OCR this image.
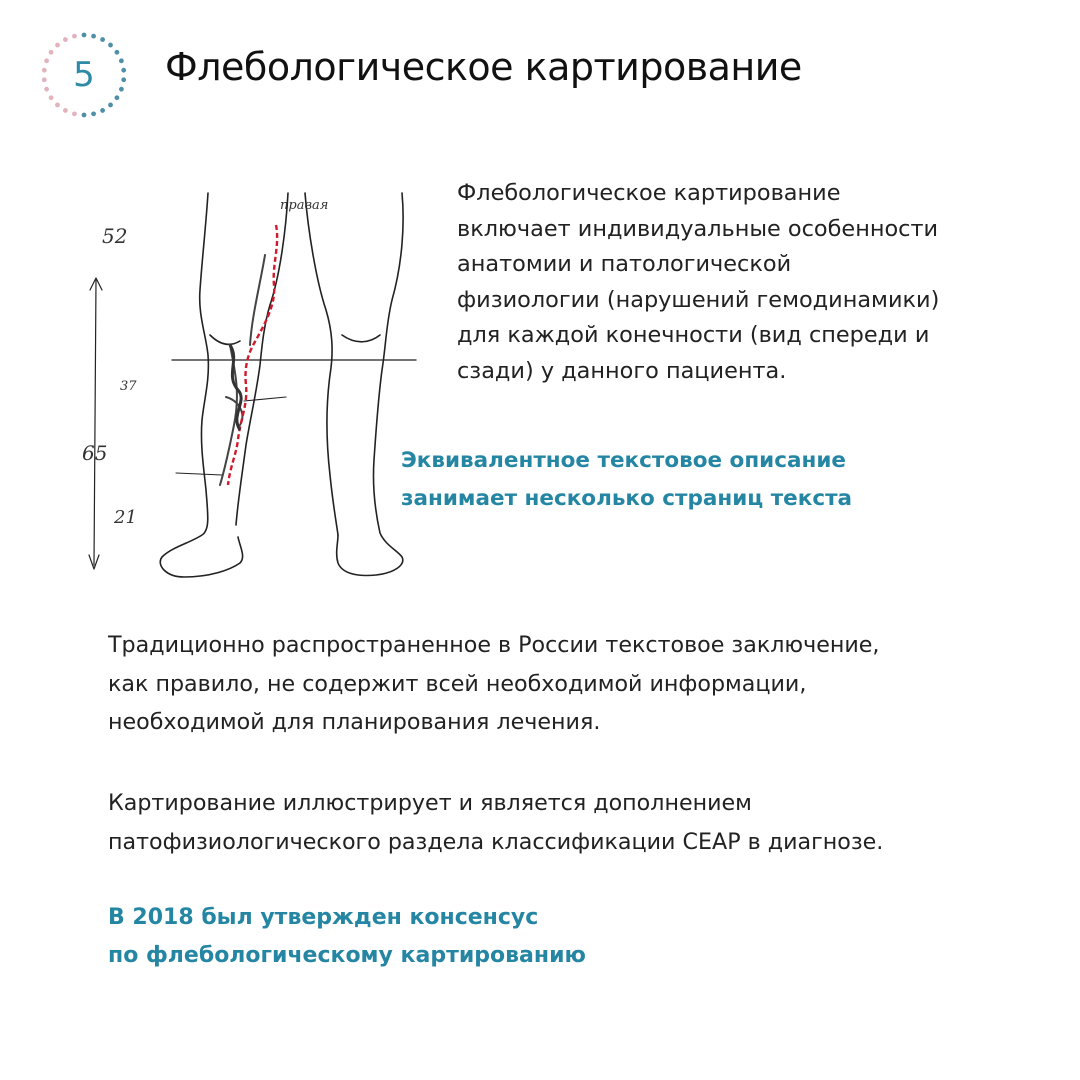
5	Флебологическое картирование
правая
52
37
65
21

Флебологическое картирование
включает индивидуальные особенности
анатомии и патологической
физиологии (нарушений гемодинамики)
для каждой конечности (вид спереди и
сзади) у данного пациента.

Эквивалентное текстовое описание
занимает несколько страниц текста

Традиционно распространенное в России текстовое заключение,
как правило, не содержит всей необходимой информации,
необходимой для планирования лечения.

Картирование иллюстрирует и является дополнением
патофизиологического раздела классификации CEAP в диагнозе.

В 2018 был утвержден консенсус
по флебологическому картированию
